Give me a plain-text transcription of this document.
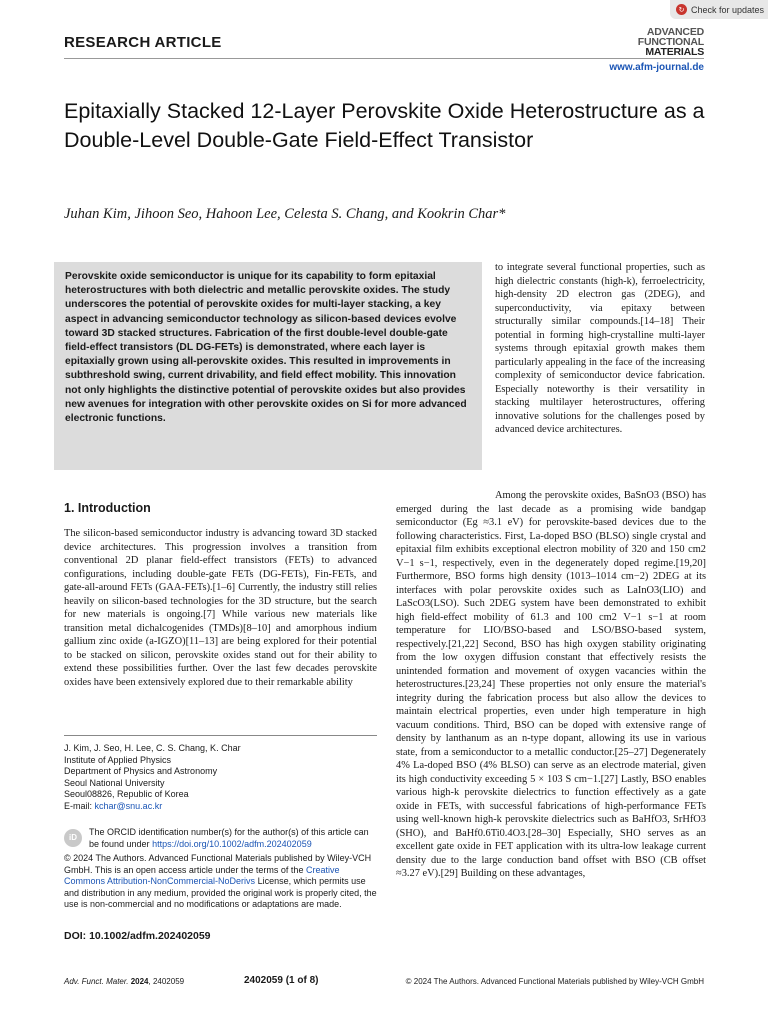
↻ Check for updates
RESEARCH ARTICLE
ADVANCED
FUNCTIONAL
MATERIALS
www.afm-journal.de
Epitaxially Stacked 12-Layer Perovskite Oxide Heterostructure as a Double-Level Double-Gate Field-Effect Transistor
Juhan Kim, Jihoon Seo, Hahoon Lee, Celesta S. Chang, and Kookrin Char*

Perovskite oxide semiconductor is unique for its capability to form epitaxial heterostructures with both dielectric and metallic perovskite oxides. The study underscores the potential of perovskite oxides for multi-layer stacking, a key aspect in advancing semiconductor technology as silicon-based devices evolve toward 3D stacked structures. Fabrication of the first double-level double-gate field-effect transistors (DL DG-FETs) is demonstrated, where each layer is epitaxially grown using all-perovskite oxides. This resulted in improvements in subthreshold swing, current drivability, and field effect mobility. This innovation not only highlights the distinctive potential of perovskite oxides but also provides new avenues for integration with other perovskite oxides on Si for more advanced electronic functions.

to integrate several functional properties, such as high dielectric constants (high-k), ferroelectricity, high-density 2D electron gas (2DEG), and superconductivity, via epitaxy between structurally similar compounds.[14–18] Their potential in forming high-crystalline multi-layer systems through epitaxial growth makes them particularly appealing in the face of the increasing complexity of semiconductor device fabrication. Especially noteworthy is their versatility in stacking multilayer heterostructures, offering innovative solutions for the challenges posed by advanced device architectures.

1. Introduction

The silicon-based semiconductor industry is advancing toward 3D stacked device architectures. This progression involves a transition from conventional 2D planar field-effect transistors (FETs) to advanced configurations, including double-gate FETs (DG-FETs), Fin-FETs, and gate-all-around FETs (GAA-FETs).[1–6] Currently, the industry still relies heavily on silicon-based technologies for the 3D structure, but the search for new materials is ongoing.[7] While various new materials like transition metal dichalcogenides (TMDs)[8–10] and amorphous indium gallium zinc oxide (a-IGZO)[11–13] are being explored for their potential to be stacked on silicon, perovskite oxides stand out for their ability to extend these possibilities further. Over the last few decades perovskite oxides have been extensively explored due to their remarkable ability

Among the perovskite oxides, BaSnO3 (BSO) has emerged during the last decade as a promising wide bandgap semiconductor (Eg ≈3.1 eV) for perovskite-based devices due to the following characteristics. First, La-doped BSO (BLSO) single crystal and epitaxial film exhibits exceptional electron mobility of 320 and 150 cm2 V−1 s−1, respectively, even in the degenerately doped regime.[19,20] Furthermore, BSO forms high density (1013–1014 cm−2) 2DEG at its interfaces with polar perovskite oxides such as LaInO3(LIO) and LaScO3(LSO). Such 2DEG system have been demonstrated to exhibit high field-effect mobility of 61.3 and 100 cm2 V−1 s−1 at room temperature for LIO/BSO-based and LSO/BSO-based system, respectively.[21,22] Second, BSO has high oxygen stability originating from the low oxygen diffusion constant that effectively resists the unintended formation and movement of oxygen vacancies within the heterostructures.[23,24] These properties not only ensure the material's integrity during the fabrication process but also allow the devices to maintain electrical properties, even under high temperature in high vacuum conditions. Third, BSO can be doped with extensive range of density by lanthanum as an n-type dopant, allowing its use in various state, from a semiconductor to a metallic conductor.[25–27] Degenerately 4% La-doped BSO (4% BLSO) can serve as an electrode material, given its high conductivity exceeding 5 × 103 S cm−1.[27] Lastly, BSO enables various high-k perovskite dielectrics to function effectively as a gate oxide in FETs, with successful fabrications of high-performance FETs using well-known high-k perovskite dielectrics such as BaHfO3, SrHfO3 (SHO), and BaHf0.6Ti0.4O3.[28–30] Especially, SHO serves as an excellent gate oxide in FET application with its ultra-low leakage current density due to the large conduction band offset with BSO (CB offset ≈3.27 eV).[29] Building on these advantages,

J. Kim, J. Seo, H. Lee, C. S. Chang, K. Char
Institute of Applied Physics
Department of Physics and Astronomy
Seoul National University
Seoul08826, Republic of Korea
E-mail: kchar@snu.ac.kr
iD
The ORCID identification number(s) for the author(s) of this article can be found under https://doi.org/10.1002/adfm.202402059
© 2024 The Authors. Advanced Functional Materials published by Wiley-VCH GmbH. This is an open access article under the terms of the Creative Commons Attribution-NonCommercial-NoDerivs License, which permits use and distribution in any medium, provided the original work is properly cited, the use is non-commercial and no modifications or adaptations are made.
DOI: 10.1002/adfm.202402059
Adv. Funct. Mater. 2024, 2402059	2402059 (1 of 8)	© 2024 The Authors. Advanced Functional Materials published by Wiley-VCH GmbH
